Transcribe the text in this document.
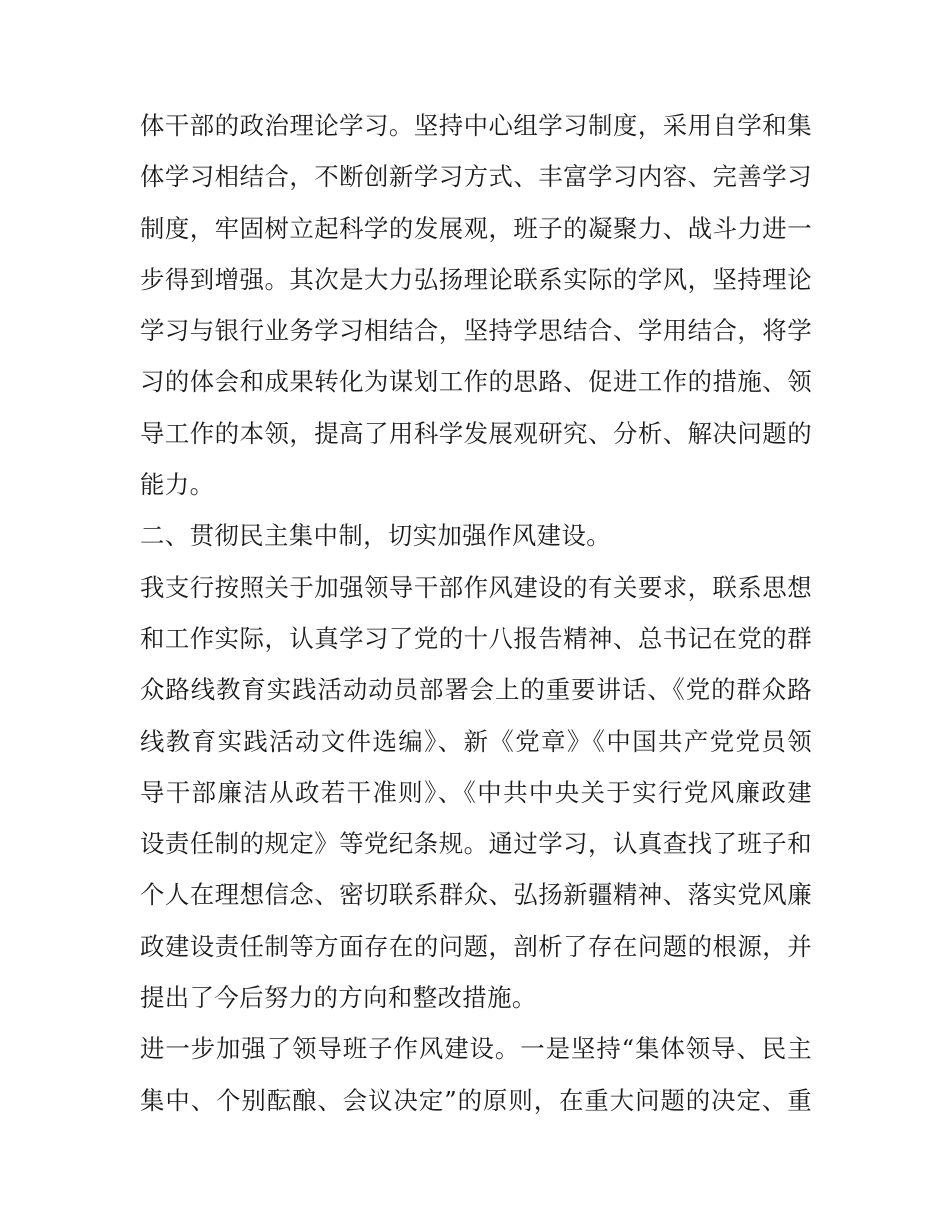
体干部的政治理论学习。坚持中心组学习制度，采用自学和集
体学习相结合，不断创新学习方式、丰富学习内容、完善学习
制度，牢固树立起科学的发展观，班子的凝聚力、战斗力进一
步得到增强。其次是大力弘扬理论联系实际的学风，坚持理论
学习与银行业务学习相结合，坚持学思结合、学用结合，将学
习的体会和成果转化为谋划工作的思路、促进工作的措施、领
导工作的本领，提高了用科学发展观研究、分析、解决问题的
能力。
二、贯彻民主集中制，切实加强作风建设。
我支行按照关于加强领导干部作风建设的有关要求，联系思想
和工作实际，认真学习了党的十八报告精神、总书记在党的群
众路线教育实践活动动员部署会上的重要讲话、《党的群众路
线教育实践活动文件选编》、新《党章》《中国共产党党员领
导干部廉洁从政若干准则》、《中共中央关于实行党风廉政建
设责任制的规定》等党纪条规。通过学习，认真查找了班子和
个人在理想信念、密切联系群众、弘扬新疆精神、落实党风廉
政建设责任制等方面存在的问题，剖析了存在问题的根源，并
提出了今后努力的方向和整改措施。
进一步加强了领导班子作风建设。一是坚持“集体领导、民主
集中、个别酝酿、会议决定”的原则，在重大问题的决定、重
